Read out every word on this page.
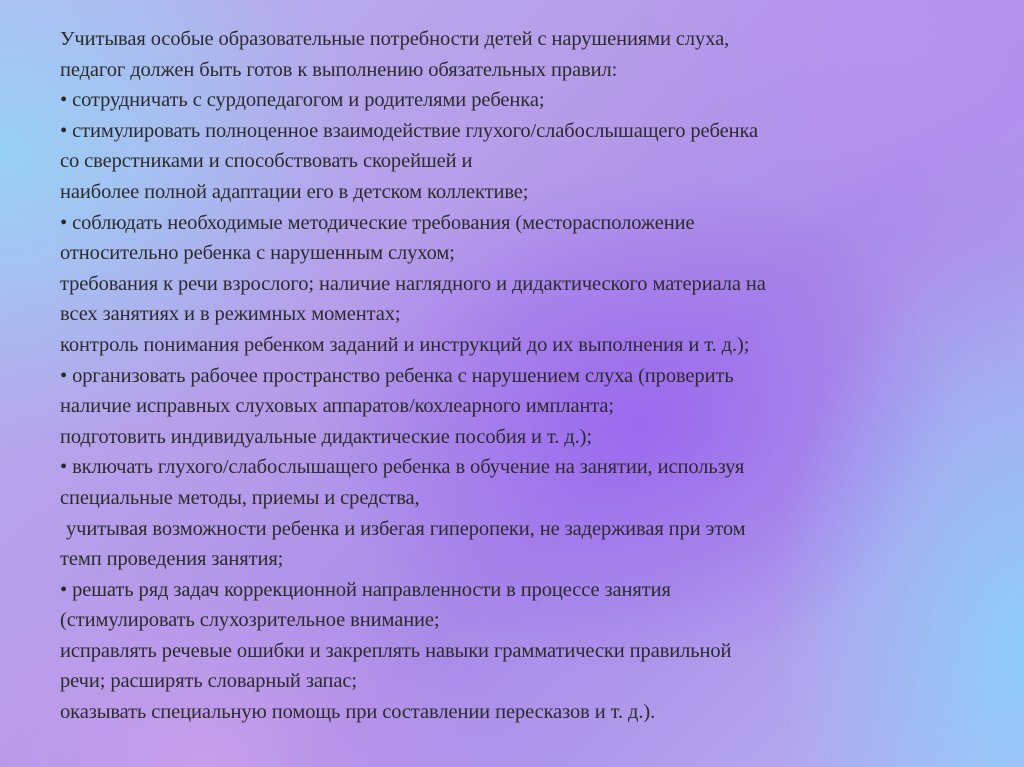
Учитывая особые образовательные потребности детей с нарушениями слуха,
педагог должен быть готов к выполнению обязательных правил:
• сотрудничать с сурдопедагогом и родителями ребенка;
• стимулировать полноценное взаимодействие глухого/слабослышащего ребенка
со сверстниками и способствовать скорейшей и
наиболее полной адаптации его в детском коллективе;
• соблюдать необходимые методические требования (месторасположение
относительно ребенка с нарушенным слухом;
требования к речи взрослого; наличие наглядного и дидактического материала на
всех занятиях и в режимных моментах;
контроль понимания ребенком заданий и инструкций до их выполнения и т. д.);
• организовать рабочее пространство ребенка с нарушением слуха (проверить
наличие исправных слуховых аппаратов/кохлеарного импланта;
подготовить индивидуальные дидактические пособия и т. д.);
• включать глухого/слабослышащего ребенка в обучение на занятии, используя
специальные методы, приемы и средства,
учитывая возможности ребенка и избегая гиперопеки, не задерживая при этом
темп проведения занятия;
• решать ряд задач коррекционной направленности в процессе занятия
(стимулировать слухозрительное внимание;
исправлять речевые ошибки и закреплять навыки грамматически правильной
речи; расширять словарный запас;
оказывать специальную помощь при составлении пересказов и т. д.).
